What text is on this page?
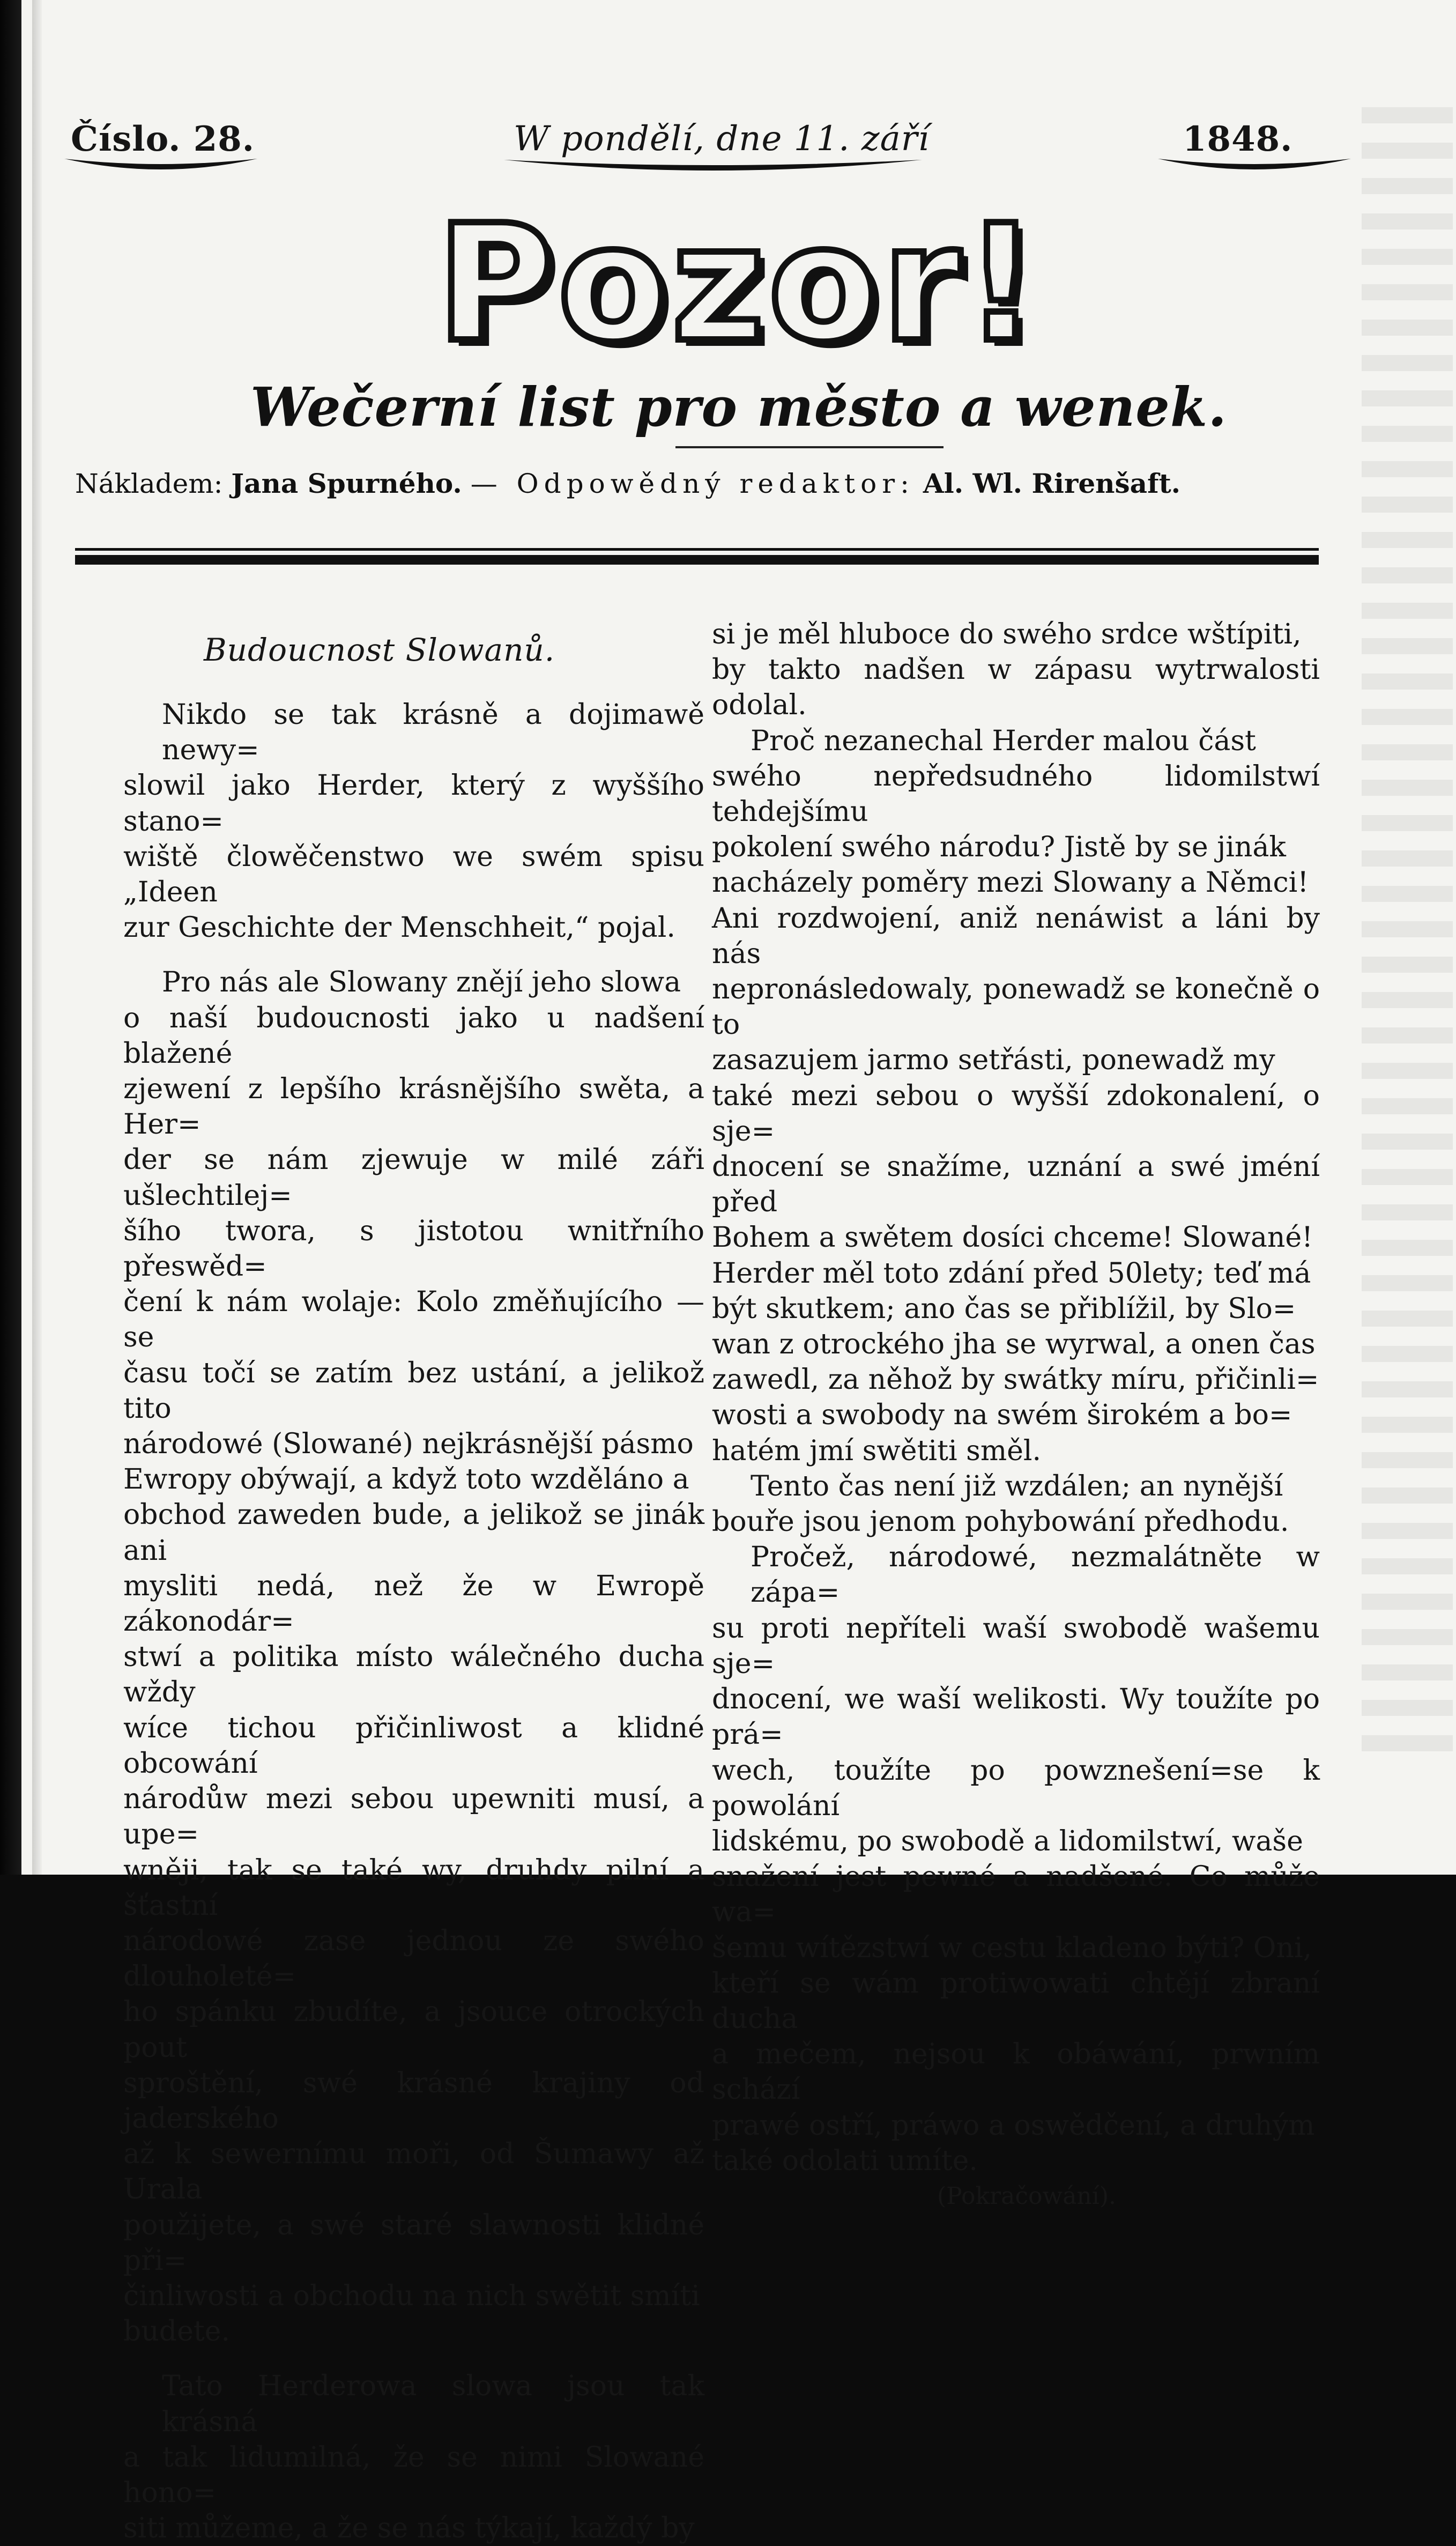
Číslo. 28.	W pondělí, dne 11. září	1848.
Pozor!
Wečerní list pro město a wenek.
Nákladem: Jana Spurného. — Odpowědný redaktor: Al. Wl. Rirenšaft.
Budoucnost Slowanů.

Nikdo se tak krásně a dojimawě newy=

slowil jako Herder, který z wyššího stano=

wiště člowěčenstwo we swém spisu „Ideen

zur Geschichte der Menschheit,“ pojal.

Pro nás ale Slowany znějí jeho slowa

o naší budoucnosti jako u nadšení blažené

zjewení z lepšího krásnějšího swěta, a Her=

der se nám zjewuje w milé záři ušlechtilej=

šího twora, s jistotou wnitřního přeswěd=

čení k nám wolaje: Kolo změňujícího — se

času točí se zatím bez ustání, a jelikož tito

národowé (Slowané) nejkrásnější pásmo

Ewropy obýwají, a když toto wzděláno a

obchod zaweden bude, a jelikož se jinák ani

mysliti nedá, než že w Ewropě zákonodár=

stwí a politika místo wálečného ducha wždy

wíce tichou přičinliwost a klidné obcowání

národůw mezi sebou upewniti musí, a upe=

wněji, tak se také wy, druhdy pilní a šťastní

národowé zase jednou ze swého dlouholeté=

ho spánku zbudíte, a jsouce otrockých pout

sproštění, swé krásné krajiny od jaderského

až k sewernímu moři, od Šumawy až Urala

použijete, a swé staré slawnosti klidné při=

činliwosti a obchodu na nich swětit smíti

budete.

Tato Herderowa slowa jsou tak krásná

a tak lidumilná, že se nimi Slowané hono=

siti můžeme, a že se nás týkají, každý by

si je měl hluboce do swého srdce wštípiti,

by takto nadšen w zápasu wytrwalosti odolal.

Proč nezanechal Herder malou část

swého nepředsudného lidomilstwí tehdejšímu

pokolení swého národu? Jistě by se jinák

nacházely poměry mezi Slowany a Němci!

Ani rozdwojení, aniž nenáwist a láni by nás

nepronásledowaly, ponewadž se konečně o to

zasazujem jarmo setřásti, ponewadž my

také mezi sebou o wyšší zdokonalení, o sje=

dnocení se snažíme, uznání a swé jméní před

Bohem a swětem dosíci chceme! Slowané!

Herder měl toto zdání před 50lety; teď má

být skutkem; ano čas se přiblížil, by Slo=

wan z otrockého jha se wyrwal, a onen čas

zawedl, za něhož by swátky míru, přičinli=

wosti a swobody na swém širokém a bo=

hatém jmí swětiti směl.

Tento čas není již wzdálen; an nynější

bouře jsou jenom pohybowání předhodu.

Pročež, národowé, nezmalátněte w zápa=

su proti nepříteli waší swobodě wašemu sje=

dnocení, we waší welikosti. Wy toužíte po prá=

wech, toužíte po powznešení=se k powolání

lidskému, po swobodě a lidomilstwí, waše

snažení jest pewné a nadšené. Co může wa=

šemu wítězstwí w cestu kladeno býti? Oni,

kteří se wám protiwowati chtějí zbraní ducha

a mečem, nejsou k obáwání, prwním schází

prawé ostří, práwo a oswědčení, a druhým

také odolati umíte.

(Pokračowání).
